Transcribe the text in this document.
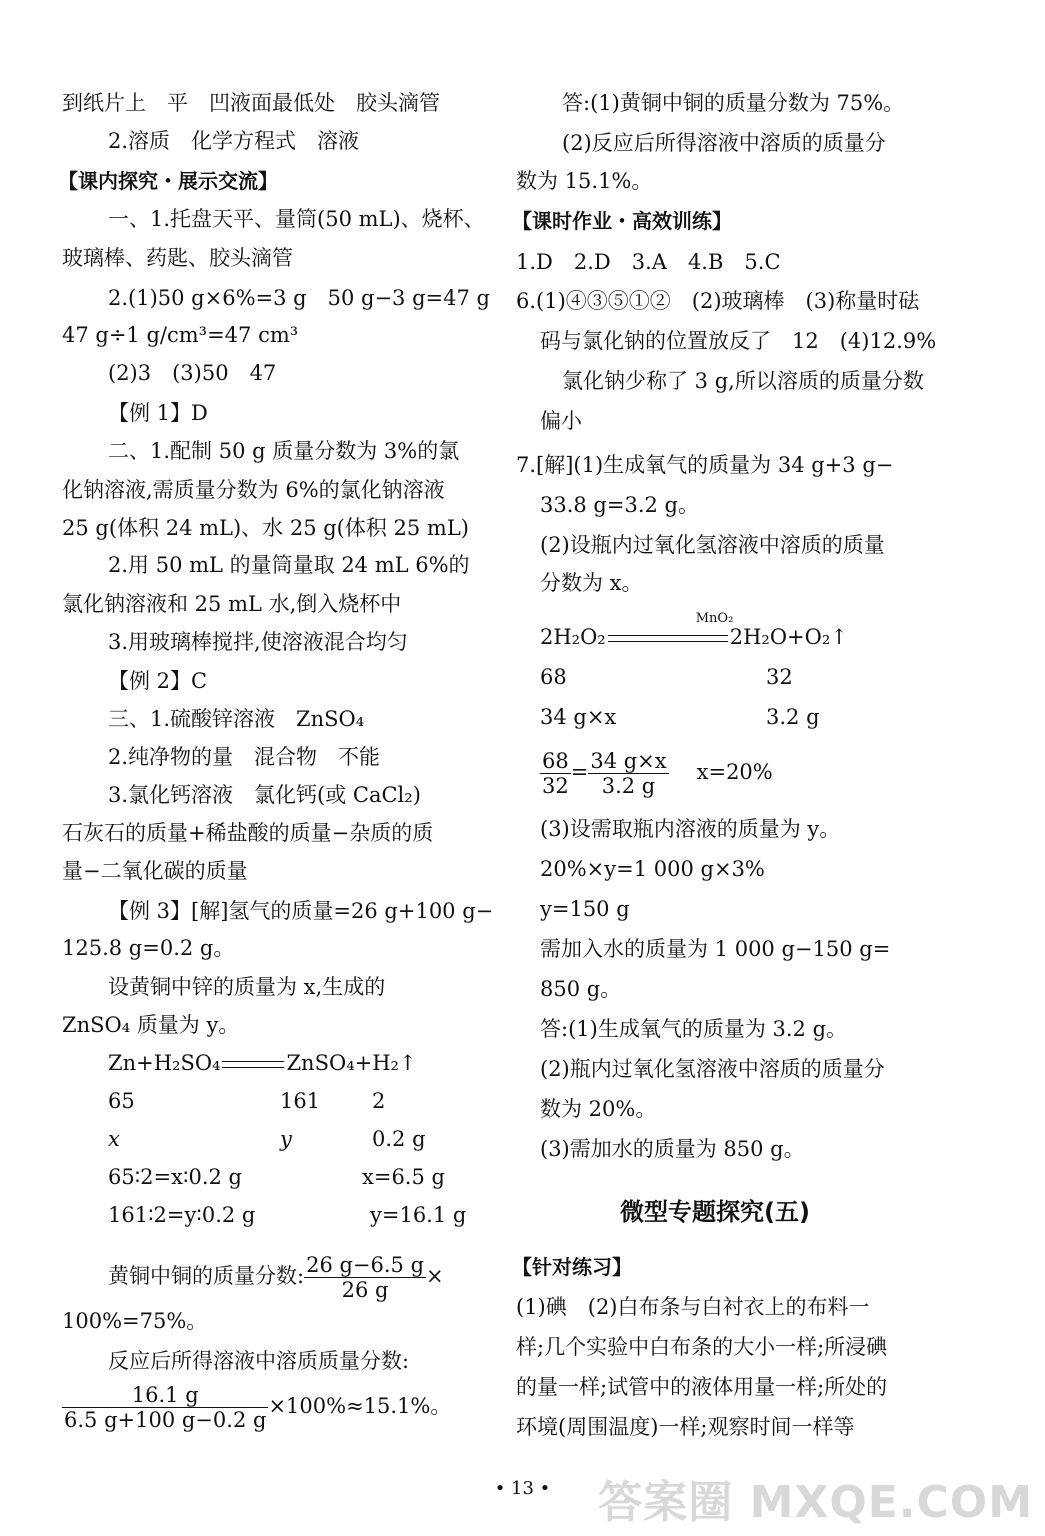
到纸片上　平　凹液面最低处　胶头滴管
2.溶质　化学方程式　溶液
【课内探究・展示交流】
一、1.托盘天平、量筒(50 mL)、烧杯、
玻璃棒、药匙、胶头滴管
2.(1)50 g×6%=3 g　50 g−3 g=47 g
47 g÷1 g/cm³=47 cm³
(2)3　(3)50　47
【例 1】D
二、1.配制 50 g 质量分数为 3%的氯
化钠溶液,需质量分数为 6%的氯化钠溶液
25 g(体积 24 mL)、水 25 g(体积 25 mL)
2.用 50 mL 的量筒量取 24 mL 6%的
氯化钠溶液和 25 mL 水,倒入烧杯中
3.用玻璃棒搅拌,使溶液混合均匀
【例 2】C
三、1.硫酸锌溶液　ZnSO₄
2.纯净物的量　混合物　不能
3.氯化钙溶液　氯化钙(或 CaCl₂)
石灰石的质量+稀盐酸的质量−杂质的质
量−二氧化碳的质量
【例 3】[解]氢气的质量=26 g+100 g−
125.8 g=0.2 g。
设黄铜中锌的质量为 x,生成的
ZnSO₄ 质量为 y。
Zn+H₂SO₄	ZnSO₄+H₂↑
65	161 2
x	y	0.2 g
65∶2=x∶0.2 g	x=6.5 g
161∶2=y∶0.2 g	y=16.1 g
黄铜中铜的质量分数: $\frac{26 g-6.5 g}{26 g}$ ×
100%=75%。
反应后所得溶液中溶质质量分数:
$\frac{16.1 g}{6.5 g+100 g-0.2 g} \times 100\%\approx 15.1\%$。
答:(1)黄铜中铜的质量分数为 75%。
(2)反应后所得溶液中溶质的质量分
数为 15.1%。
【课时作业・高效训练】
1.D　2.D　3.A　4.B　5.C
6.(1)④③⑤①②　(2)玻璃棒　(3)称量时砝
码与氯化钠的位置放反了　12　(4)12.9%
氯化钠少称了 3 g,所以溶质的质量分数
偏小
7.[解](1)生成氧气的质量为 34 g+3 g−
33.8 g=3.2 g。
(2)设瓶内过氧化氢溶液中溶质的质量
分数为 x。
2H₂O₂
MnO₂
2H₂O+O₂↑
68	32
34 g×x	3.2 g
$\frac{68}{32} = \frac{34 g\times x}{3.2 g} x=20\%$
(3)设需取瓶内溶液的质量为 y。
20%×y=1 000 g×3%
y=150 g
需加入水的质量为 1 000 g−150 g=
850 g。
答:(1)生成氧气的质量为 3.2 g。
(2)瓶内过氧化氢溶液中溶质的质量分
数为 20%。
(3)需加水的质量为 850 g。
微型专题探究(五)
【针对练习】
(1)碘　(2)白布条与白衬衣上的布料一
样;几个实验中白布条的大小一样;所浸碘
的量一样;试管中的液体用量一样;所处的
环境(周围温度)一样;观察时间一样等
• 13 •	答案圈 MXQE.COM
